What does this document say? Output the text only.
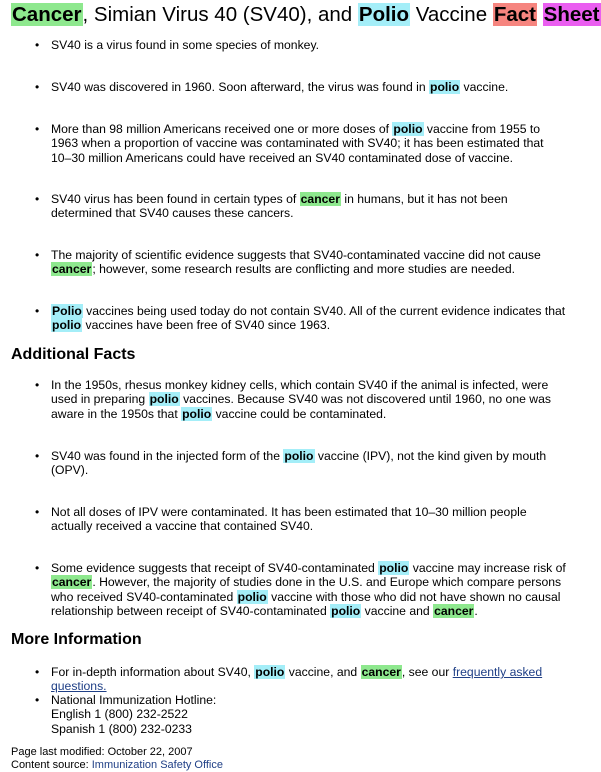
Cancer, Simian Virus 40 (SV40), and Polio Vaccine Fact Sheet
• SV40 is a virus found in some species of monkey.
• SV40 was discovered in 1960. Soon afterward, the virus was found in polio vaccine.
• More than 98 million Americans received one or more doses of polio vaccine from 1955 to 1963 when a proportion of vaccine was contaminated with SV40; it has been estimated that 10–30 million Americans could have received an SV40 contaminated dose of vaccine.
• SV40 virus has been found in certain types of cancer in humans, but it has not been determined that SV40 causes these cancers.
• The majority of scientific evidence suggests that SV40-contaminated vaccine did not cause cancer; however, some research results are conflicting and more studies are needed.
• Polio vaccines being used today do not contain SV40. All of the current evidence indicates that polio vaccines have been free of SV40 since 1963.
Additional Facts
• In the 1950s, rhesus monkey kidney cells, which contain SV40 if the animal is infected, were used in preparing polio vaccines. Because SV40 was not discovered until 1960, no one was aware in the 1950s that polio vaccine could be contaminated.
• SV40 was found in the injected form of the polio vaccine (IPV), not the kind given by mouth (OPV).
• Not all doses of IPV were contaminated. It has been estimated that 10–30 million people actually received a vaccine that contained SV40.
• Some evidence suggests that receipt of SV40-contaminated polio vaccine may increase risk of cancer. However, the majority of studies done in the U.S. and Europe which compare persons who received SV40-contaminated polio vaccine with those who did not have shown no causal relationship between receipt of SV40-contaminated polio vaccine and cancer.
More Information
• For in-depth information about SV40, polio vaccine, and cancer, see our frequently asked questions.
• National Immunization Hotline:
English 1 (800) 232-2522
Spanish 1 (800) 232-0233
Page last modified: October 22, 2007
Content source: Immunization Safety Office
